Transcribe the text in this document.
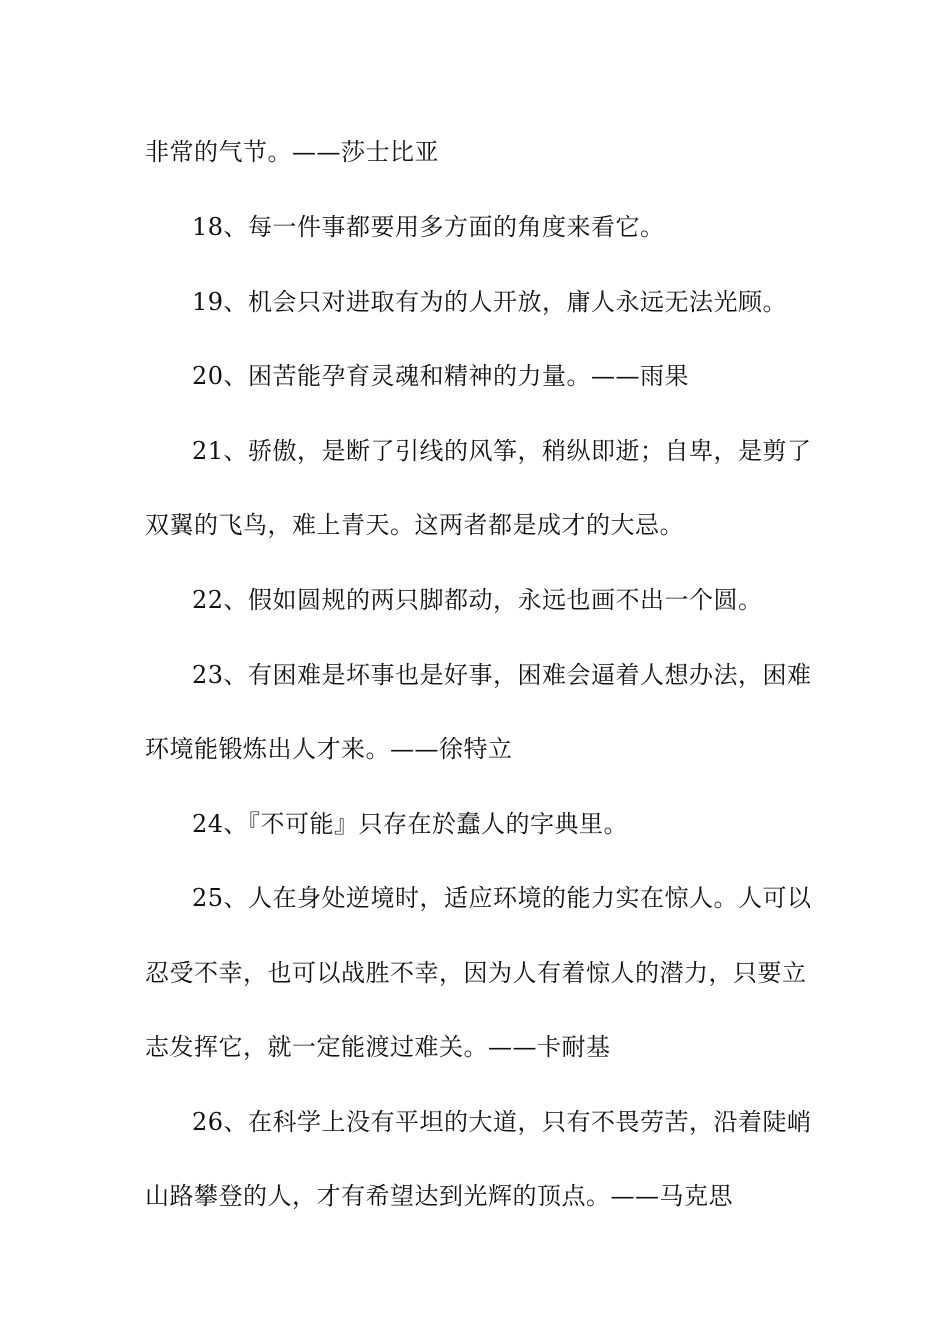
非常的气节。——莎士比亚
18、每一件事都要用多方面的角度来看它。
19、机会只对进取有为的人开放，庸人永远无法光顾。
20、困苦能孕育灵魂和精神的力量。——雨果
21、骄傲，是断了引线的风筝，稍纵即逝；自卑，是剪了
双翼的飞鸟，难上青天。这两者都是成才的大忌。
22、假如圆规的两只脚都动，永远也画不出一个圆。
23、有困难是坏事也是好事，困难会逼着人想办法，困难
环境能锻炼出人才来。——徐特立
24、『不可能』只存在於蠢人的字典里。
25、人在身处逆境时，适应环境的能力实在惊人。人可以
忍受不幸，也可以战胜不幸，因为人有着惊人的潜力，只要立
志发挥它，就一定能渡过难关。——卡耐基
26、在科学上没有平坦的大道，只有不畏劳苦，沿着陡峭
山路攀登的人，才有希望达到光辉的顶点。——马克思
